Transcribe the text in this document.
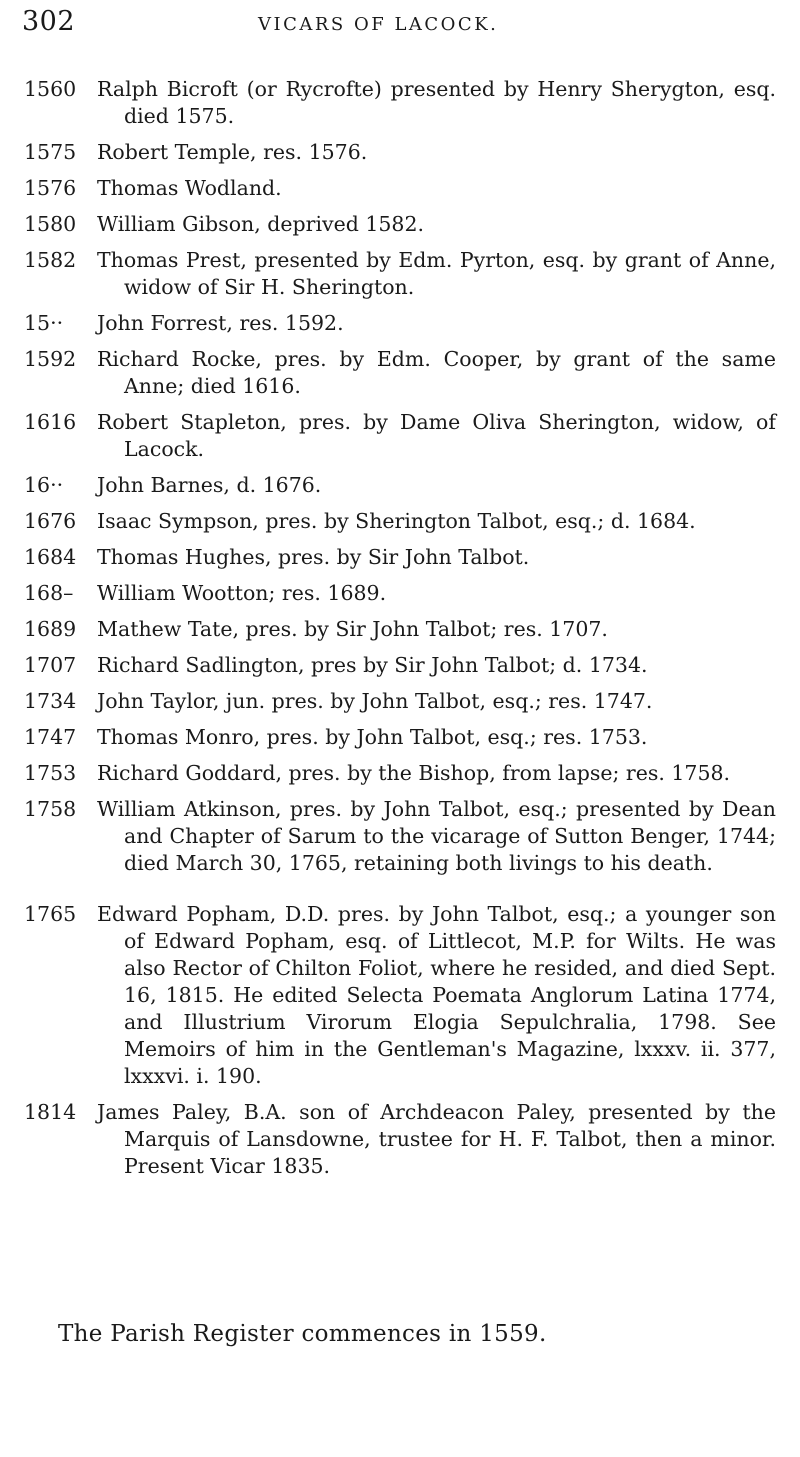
302	VICARS OF LACOCK.
1560	Ralph Bicroft (or Rycrofte) presented by Henry Sherygton, esq. died 1575.
1575	Robert Temple, res. 1576.
1576	Thomas Wodland.
1580	William Gibson, deprived 1582.
1582	Thomas Prest, presented by Edm. Pyrton, esq. by grant of Anne, widow of Sir H. Sherington.
15··	John Forrest, res. 1592.
1592	Richard Rocke, pres. by Edm. Cooper, by grant of the same Anne; died 1616.
1616	Robert Stapleton, pres. by Dame Oliva Sherington, widow, of Lacock.
16··	John Barnes, d. 1676.
1676	Isaac Sympson, pres. by Sherington Talbot, esq.; d. 1684.
1684	Thomas Hughes, pres. by Sir John Talbot.
168–	William Wootton; res. 1689.
1689	Mathew Tate, pres. by Sir John Talbot; res. 1707.
1707	Richard Sadlington, pres by Sir John Talbot; d. 1734.
1734	John Taylor, jun. pres. by John Talbot, esq.; res. 1747.
1747	Thomas Monro, pres. by John Talbot, esq.; res. 1753.
1753	Richard Goddard, pres. by the Bishop, from lapse; res. 1758.
1758	William Atkinson, pres. by John Talbot, esq.; presented by Dean and Chapter of Sarum to the vicarage of Sutton Benger, 1744; died March 30, 1765, retaining both livings to his death.
1765	Edward Popham, D.D. pres. by John Talbot, esq.; a younger son of Edward Popham, esq. of Littlecot, M.P. for Wilts. He was also Rector of Chilton Foliot, where he resided, and died Sept. 16, 1815. He edited Selecta Poemata Anglorum Latina 1774, and Illustrium Virorum Elogia Sepulchralia, 1798. See Memoirs of him in the Gentleman's Magazine, lxxxv. ii. 377, lxxxvi. i. 190.
1814	James Paley, B.A. son of Archdeacon Paley, presented by the Marquis of Lansdowne, trustee for H. F. Talbot, then a minor. Present Vicar 1835.
The Parish Register commences in 1559.
